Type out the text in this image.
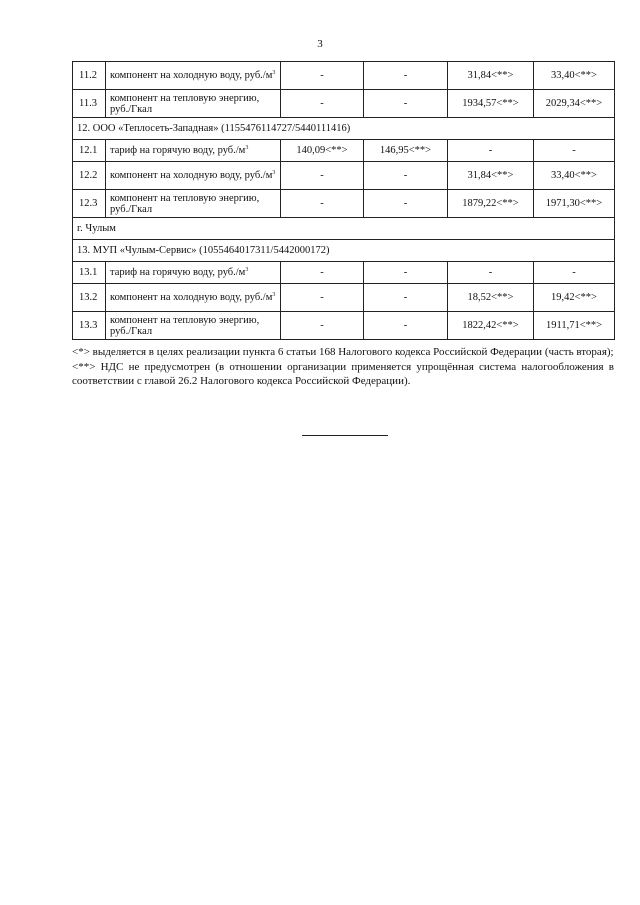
3
11.2	компонент на холодную воду, $руб./м^3$	-	-	31,84<**>	33,40<**>
11.3	компонент на тепловую энергию, руб./Гкал	-	-	1934,57<**>	2029,34<**>
12. ООО «Теплосеть-Западная» (1155476114727/5440111416)					
12.1	тариф на горячую воду, $руб./м^3$	140,09<**>	146,95<**>	-	-
12.2	компонент на холодную воду, $руб./м^3$	-	-	31,84<**>	33,40<**>
12.3	компонент на тепловую энергию, руб./Гкал	-	-	1879,22<**>	1971,30<**>
г. Чулым					
13. МУП «Чулым-Сервис» (1055464017311/5442000172)					
13.1	тариф на горячую воду, $руб./м^3$	-	-	-	-
13.2	компонент на холодную воду, $руб./м^3$	-	-	18,52<**>	19,42<**>
13.3	компонент на тепловую энергию, руб./Гкал	-	-	1822,42<**>	1911,71<**>

<*> выделяется в целях реализации пункта 6 статьи 168 Налогового кодекса Российской Федерации (часть вторая);

<**> НДС не предусмотрен (в отношении организации применяется упрощённая система налогообложения в соответствии с главой 26.2 Налогового кодекса Российской Федерации).
